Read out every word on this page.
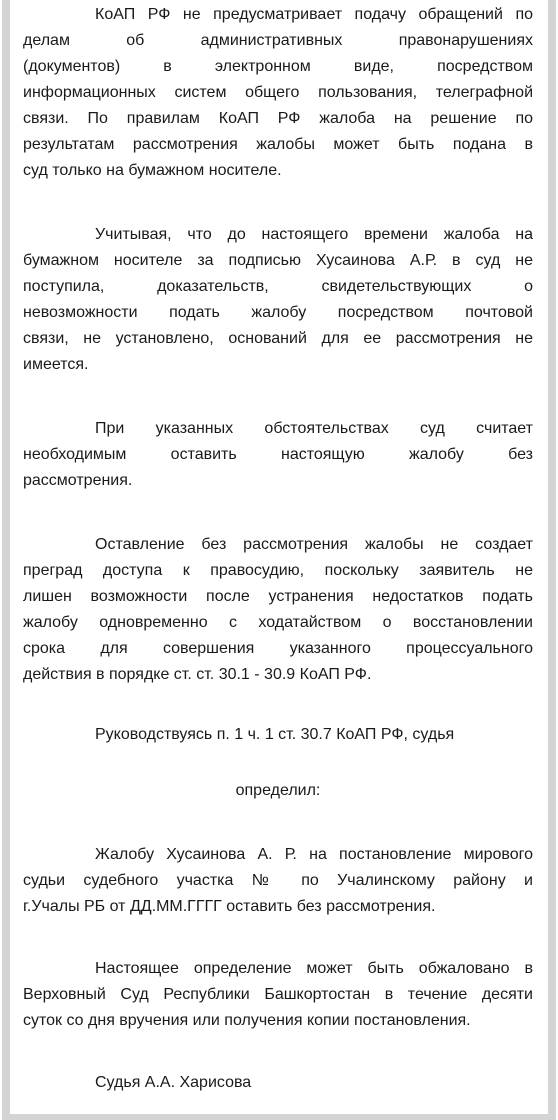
КоАП РФ не предусматривает подачу обращений по
делам об административных правонарушениях
(документов) в электронном виде, посредством
информационных систем общего пользования, телеграфной
связи. По правилам КоАП РФ жалоба на решение по
результатам рассмотрения жалобы может быть подана в
суд только на бумажном носителе.
Учитывая, что до настоящего времени жалоба на
бумажном носителе за подписью Хусаинова А.Р. в суд не
поступила, доказательств, свидетельствующих о
невозможности подать жалобу посредством почтовой
связи, не установлено, оснований для ее рассмотрения не
имеется.
При указанных обстоятельствах суд считает
необходимым оставить настоящую жалобу без
рассмотрения.
Оставление без рассмотрения жалобы не создает
преград доступа к правосудию, поскольку заявитель не
лишен возможности после устранения недостатков подать
жалобу одновременно с ходатайством о восстановлении
срока для совершения указанного процессуального
действия в порядке ст. ст. 30.1 - 30.9 КоАП РФ.
Руководствуясь п. 1 ч. 1 ст. 30.7 КоАП РФ, судья
определил:
Жалобу Хусаинова А. Р. на постановление мирового
судьи судебного участка № по Учалинскому району и
г.Учалы РБ от ДД.ММ.ГГГГ оставить без рассмотрения.
Настоящее определение может быть обжаловано в
Верховный Суд Республики Башкортостан в течение десяти
суток со дня вручения или получения копии постановления.
Судья А.А. Харисова
